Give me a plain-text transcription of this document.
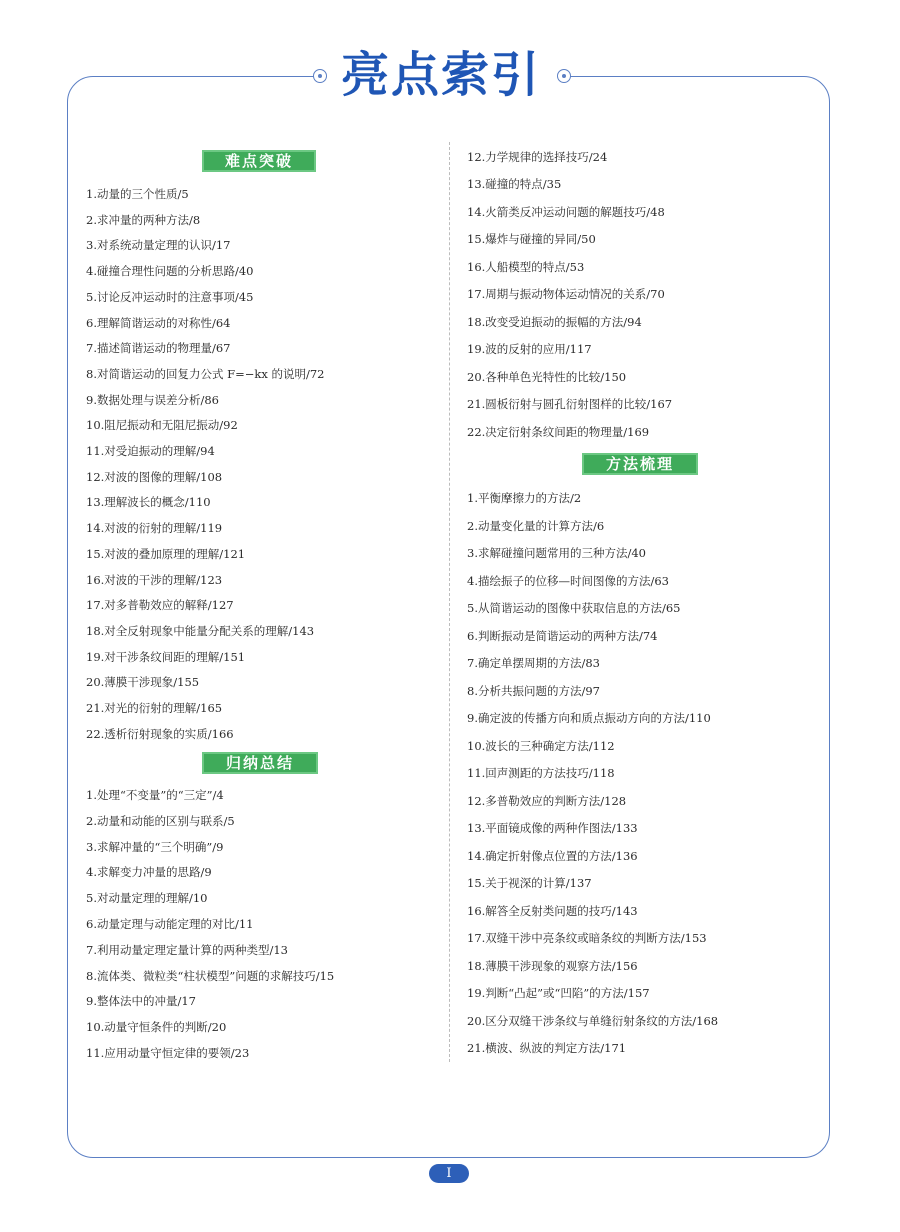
亮点索引
难点突破
1.动量的三个性质/5
2.求冲量的两种方法/8
3.对系统动量定理的认识/17
4.碰撞合理性问题的分析思路/40
5.讨论反冲运动时的注意事项/45
6.理解简谐运动的对称性/64
7.描述简谐运动的物理量/67
8.对简谐运动的回复力公式 F=−kx 的说明/72
9.数据处理与误差分析/86
10.阻尼振动和无阻尼振动/92
11.对受迫振动的理解/94
12.对波的图像的理解/108
13.理解波长的概念/110
14.对波的衍射的理解/119
15.对波的叠加原理的理解/121
16.对波的干涉的理解/123
17.对多普勒效应的解释/127
18.对全反射现象中能量分配关系的理解/143
19.对干涉条纹间距的理解/151
20.薄膜干涉现象/155
21.对光的衍射的理解/165
22.透析衍射现象的实质/166
归纳总结
1.处理“不变量”的“三定”/4
2.动量和动能的区别与联系/5
3.求解冲量的“三个明确”/9
4.求解变力冲量的思路/9
5.对动量定理的理解/10
6.动量定理与动能定理的对比/11
7.利用动量定理定量计算的两种类型/13
8.流体类、微粒类“柱状模型”问题的求解技巧/15
9.整体法中的冲量/17
10.动量守恒条件的判断/20
11.应用动量守恒定律的要领/23
12.力学规律的选择技巧/24
13.碰撞的特点/35
14.火箭类反冲运动问题的解题技巧/48
15.爆炸与碰撞的异同/50
16.人船模型的特点/53
17.周期与振动物体运动情况的关系/70
18.改变受迫振动的振幅的方法/94
19.波的反射的应用/117
20.各种单色光特性的比较/150
21.圆板衍射与圆孔衍射图样的比较/167
22.决定衍射条纹间距的物理量/169
方法梳理
1.平衡摩擦力的方法/2
2.动量变化量的计算方法/6
3.求解碰撞问题常用的三种方法/40
4.描绘振子的位移—时间图像的方法/63
5.从简谐运动的图像中获取信息的方法/65
6.判断振动是简谐运动的两种方法/74
7.确定单摆周期的方法/83
8.分析共振问题的方法/97
9.确定波的传播方向和质点振动方向的方法/110
10.波长的三种确定方法/112
11.回声测距的方法技巧/118
12.多普勒效应的判断方法/128
13.平面镜成像的两种作图法/133
14.确定折射像点位置的方法/136
15.关于视深的计算/137
16.解答全反射类问题的技巧/143
17.双缝干涉中亮条纹或暗条纹的判断方法/153
18.薄膜干涉现象的观察方法/156
19.判断“凸起”或“凹陷”的方法/157
20.区分双缝干涉条纹与单缝衍射条纹的方法/168
21.横波、纵波的判定方法/171
I
